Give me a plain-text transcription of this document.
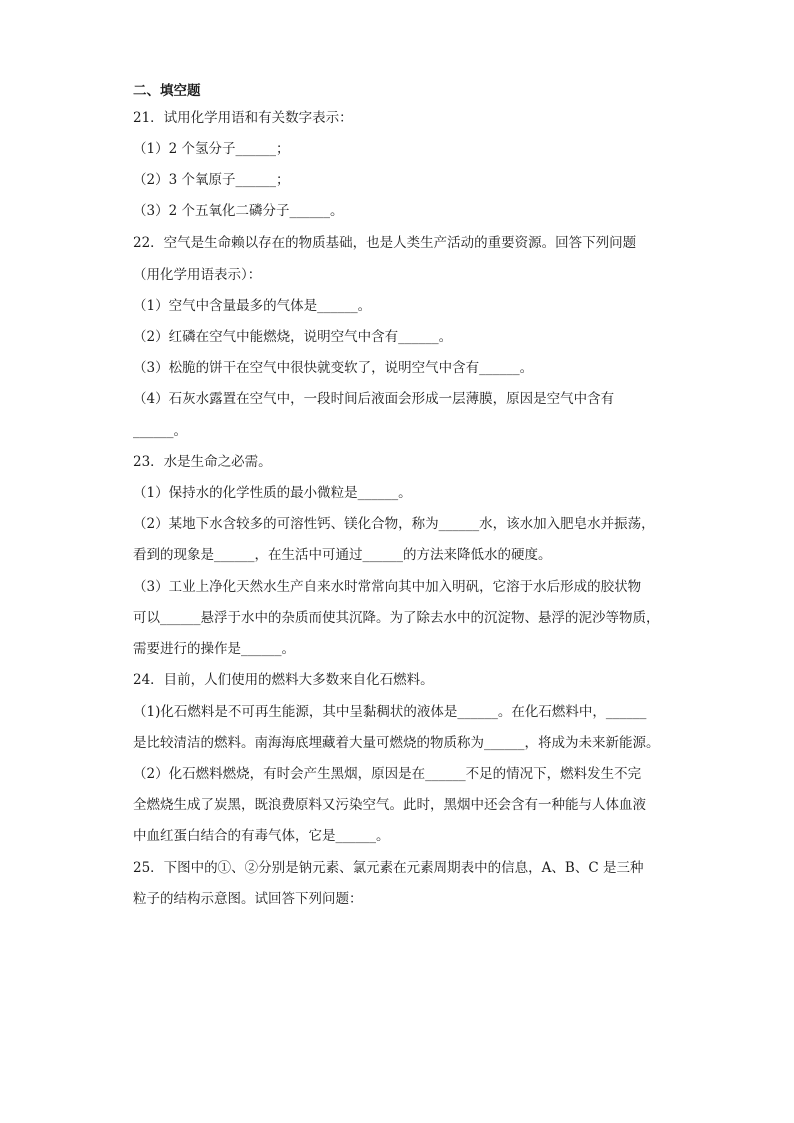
二、填空题
21．试用化学用语和有关数字表示：
（1）2 个氢分子______；
（2）3 个氧原子______；
（3）2 个五氧化二磷分子______。
22．空气是生命赖以存在的物质基础，也是人类生产活动的重要资源。回答下列问题
（用化学用语表示）：
（1）空气中含量最多的气体是______。
（2）红磷在空气中能燃烧，说明空气中含有______。
（3）松脆的饼干在空气中很快就变软了，说明空气中含有______。
（4）石灰水露置在空气中，一段时间后液面会形成一层薄膜，原因是空气中含有
______。
23．水是生命之必需。
（1）保持水的化学性质的最小微粒是______。
（2）某地下水含较多的可溶性钙、镁化合物，称为______水，该水加入肥皂水并振荡，
看到的现象是______，在生活中可通过______的方法来降低水的硬度。
（3）工业上净化天然水生产自来水时常常向其中加入明矾，它溶于水后形成的胶状物
可以______悬浮于水中的杂质而使其沉降。为了除去水中的沉淀物、悬浮的泥沙等物质，
需要进行的操作是______。
24．目前，人们使用的燃料大多数来自化石燃料。
（1)化石燃料是不可再生能源，其中呈黏稠状的液体是______。在化石燃料中，______
是比较清洁的燃料。南海海底埋藏着大量可燃烧的物质称为______，将成为未来新能源。
（2）化石燃料燃烧，有时会产生黑烟，原因是在______不足的情况下，燃料发生不完
全燃烧生成了炭黑，既浪费原料又污染空气。此时，黑烟中还会含有一种能与人体血液
中血红蛋白结合的有毒气体，它是______。
25．下图中的①、②分别是钠元素、氯元素在元素周期表中的信息，A、B、C 是三种
粒子的结构示意图。试回答下列问题：
